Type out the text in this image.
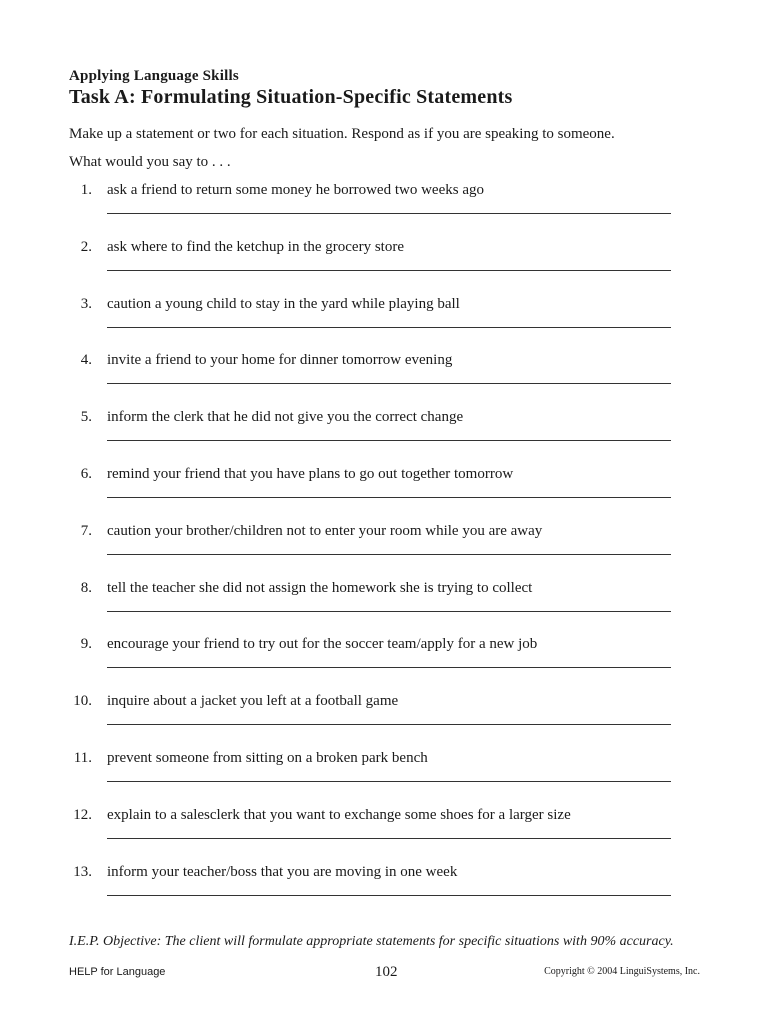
Applying Language Skills
Task A: Formulating Situation-Specific Statements
Make up a statement or two for each situation. Respond as if you are speaking to someone.
What would you say to . . .
1. ask a friend to return some money he borrowed two weeks ago
2. ask where to find the ketchup in the grocery store
3. caution a young child to stay in the yard while playing ball
4. invite a friend to your home for dinner tomorrow evening
5. inform the clerk that he did not give you the correct change
6. remind your friend that you have plans to go out together tomorrow
7. caution your brother/children not to enter your room while you are away
8. tell the teacher she did not assign the homework she is trying to collect
9. encourage your friend to try out for the soccer team/apply for a new job
10. inquire about a jacket you left at a football game
11. prevent someone from sitting on a broken park bench
12. explain to a salesclerk that you want to exchange some shoes for a larger size
13. inform your teacher/boss that you are moving in one week
I.E.P. Objective: The client will formulate appropriate statements for specific situations with 90% accuracy.
HELP for Language	102	Copyright © 2004 LinguiSystems, Inc.
